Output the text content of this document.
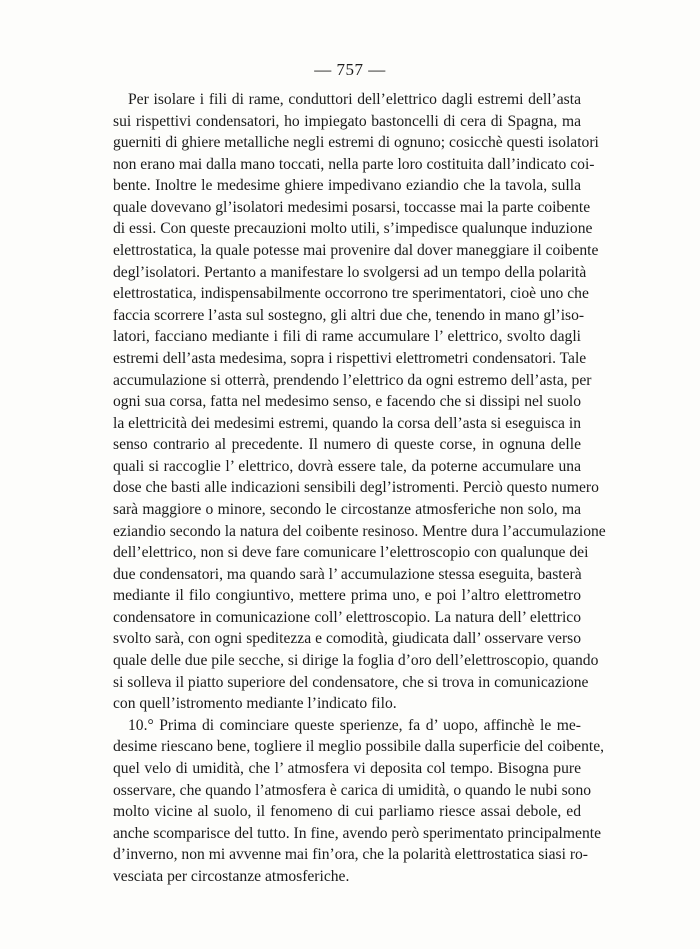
— 757 —
Per isolare i fili di rame, conduttori dell’elettrico dagli estremi dell’asta
sui rispettivi condensatori, ho impiegato bastoncelli di cera di Spagna, ma
guerniti di ghiere metalliche negli estremi di ognuno; cosicchè questi isolatori
non erano mai dalla mano toccati, nella parte loro costituita dall’indicato coi-
bente. Inoltre le medesime ghiere impedivano eziandio che la tavola, sulla
quale dovevano gl’isolatori medesimi posarsi, toccasse mai la parte coibente
di essi. Con queste precauzioni molto utili, s’impedisce qualunque induzione
elettrostatica, la quale potesse mai provenire dal dover maneggiare il coibente
degl’isolatori. Pertanto a manifestare lo svolgersi ad un tempo della polarità
elettrostatica, indispensabilmente occorrono tre sperimentatori, cioè uno che
faccia scorrere l’asta sul sostegno, gli altri due che, tenendo in mano gl’iso-
latori, facciano mediante i fili di rame accumulare l’ elettrico, svolto dagli
estremi dell’asta medesima, sopra i rispettivi elettrometri condensatori. Tale
accumulazione si otterrà, prendendo l’elettrico da ogni estremo dell’asta, per
ogni sua corsa, fatta nel medesimo senso, e facendo che si dissipi nel suolo
la elettricità dei medesimi estremi, quando la corsa dell’asta si eseguisca in
senso contrario al precedente. Il numero di queste corse, in ognuna delle
quali si raccoglie l’ elettrico, dovrà essere tale, da poterne accumulare una
dose che basti alle indicazioni sensibili degl’istromenti. Perciò questo numero
sarà maggiore o minore, secondo le circostanze atmosferiche non solo, ma
eziandio secondo la natura del coibente resinoso. Mentre dura l’accumulazione
dell’elettrico, non si deve fare comunicare l’elettroscopio con qualunque dei
due condensatori, ma quando sarà l’ accumulazione stessa eseguita, basterà
mediante il filo congiuntivo, mettere prima uno, e poi l’altro elettrometro
condensatore in comunicazione coll’ elettroscopio. La natura dell’ elettrico
svolto sarà, con ogni speditezza e comodità, giudicata dall’ osservare verso
quale delle due pile secche, si dirige la foglia d’oro dell’elettroscopio, quando
si solleva il piatto superiore del condensatore, che si trova in comunicazione
con quell’istromento mediante l’indicato filo.
10.° Prima di cominciare queste sperienze, fa d’ uopo, affinchè le me-
desime riescano bene, togliere il meglio possibile dalla superficie del coibente,
quel velo di umidità, che l’ atmosfera vi deposita col tempo. Bisogna pure
osservare, che quando l’atmosfera è carica di umidità, o quando le nubi sono
molto vicine al suolo, il fenomeno di cui parliamo riesce assai debole, ed
anche scomparisce del tutto. In fine, avendo però sperimentato principalmente
d’inverno, non mi avvenne mai fin’ora, che la polarità elettrostatica siasi ro-
vesciata per circostanze atmosferiche.
